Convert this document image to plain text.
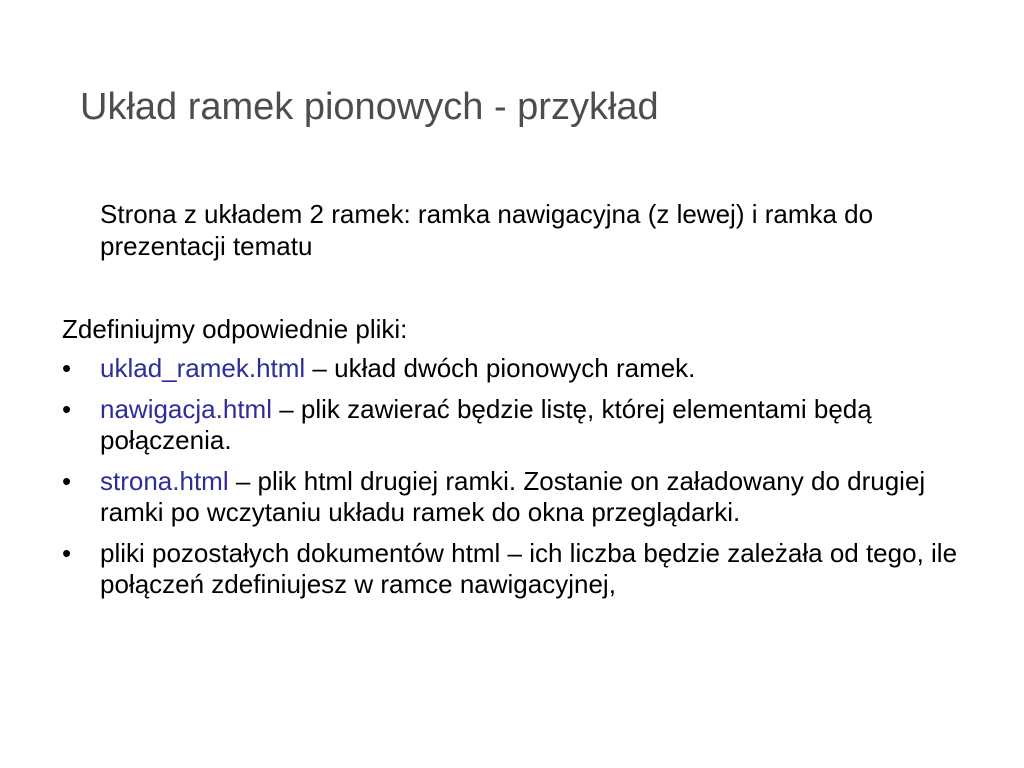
Układ ramek pionowych - przykład

Strona z układem 2 ramek: ramka nawigacyjna (z lewej) i ramka do prezentacji tematu

Zdefiniujmy odpowiednie pliki:

•	uklad_ramek.html – układ dwóch pionowych ramek.
•	nawigacja.html – plik zawierać będzie listę, której elementami będą połączenia.
•	strona.html – plik html drugiej ramki. Zostanie on załadowany do drugiej ramki po wczytaniu układu ramek do okna przeglądarki.
•	pliki pozostałych dokumentów html – ich liczba będzie zależała od tego, ile połączeń zdefiniujesz w ramce nawigacyjnej,
